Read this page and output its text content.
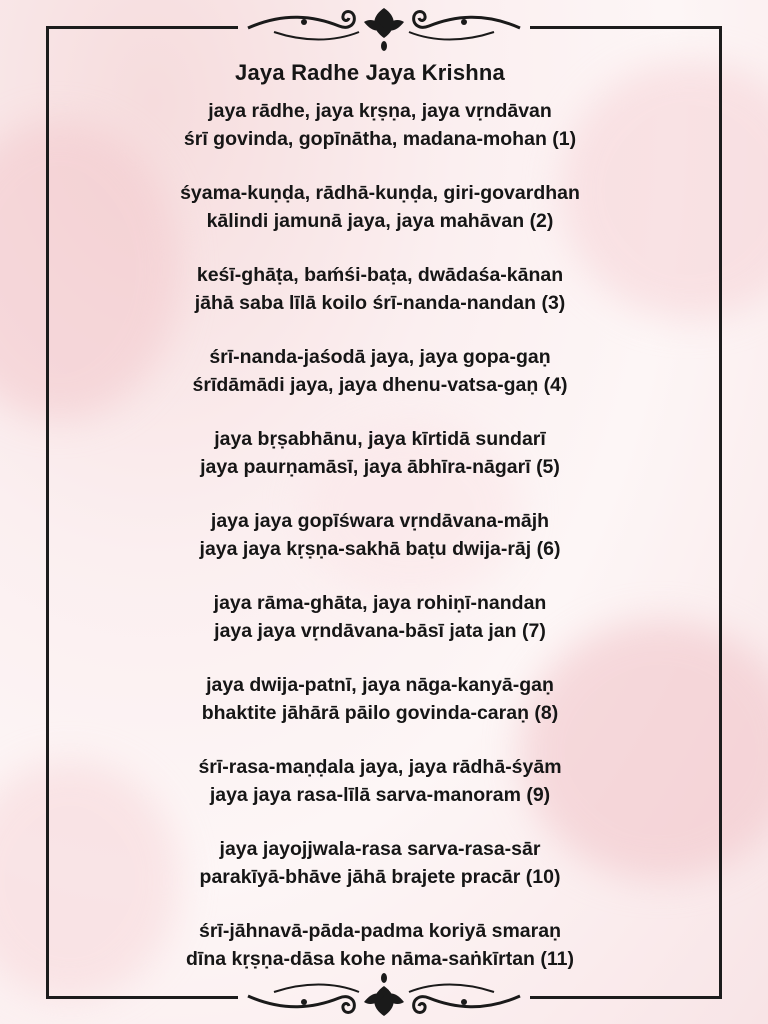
Jaya Radhe Jaya Krishna
jaya rādhe, jaya kṛṣṇa, jaya vṛndāvan
śrī govinda, gopīnātha, madana-mohan (1)
śyama-kuṇḍa, rādhā-kuṇḍa, giri-govardhan
kālindi jamunā jaya, jaya mahāvan (2)
keśī-ghāṭa, baḿśi-baṭa, dwādaśa-kānan
jāhā saba līlā koilo śrī-nanda-nandan (3)
śrī-nanda-jaśodā jaya, jaya gopa-gaṇ
śrīdāmādi jaya, jaya dhenu-vatsa-gaṇ (4)
jaya bṛṣabhānu, jaya kīrtidā sundarī
jaya paurṇamāsī, jaya ābhīra-nāgarī (5)
jaya jaya gopīśwara vṛndāvana-mājh
jaya jaya kṛṣṇa-sakhā baṭu dwija-rāj (6)
jaya rāma-ghāta, jaya rohiṇī-nandan
jaya jaya vṛndāvana-bāsī jata jan (7)
jaya dwija-patnī, jaya nāga-kanyā-gaṇ
bhaktite jāhārā pāilo govinda-caraṇ (8)
śrī-rasa-maṇḍala jaya, jaya rādhā-śyām
jaya jaya rasa-līlā sarva-manoram (9)
jaya jayojjwala-rasa sarva-rasa-sār
parakīyā-bhāve jāhā brajete pracār (10)
śrī-jāhnavā-pāda-padma koriyā smaraṇ
dīna kṛṣṇa-dāsa kohe nāma-saṅkīrtan (11)
